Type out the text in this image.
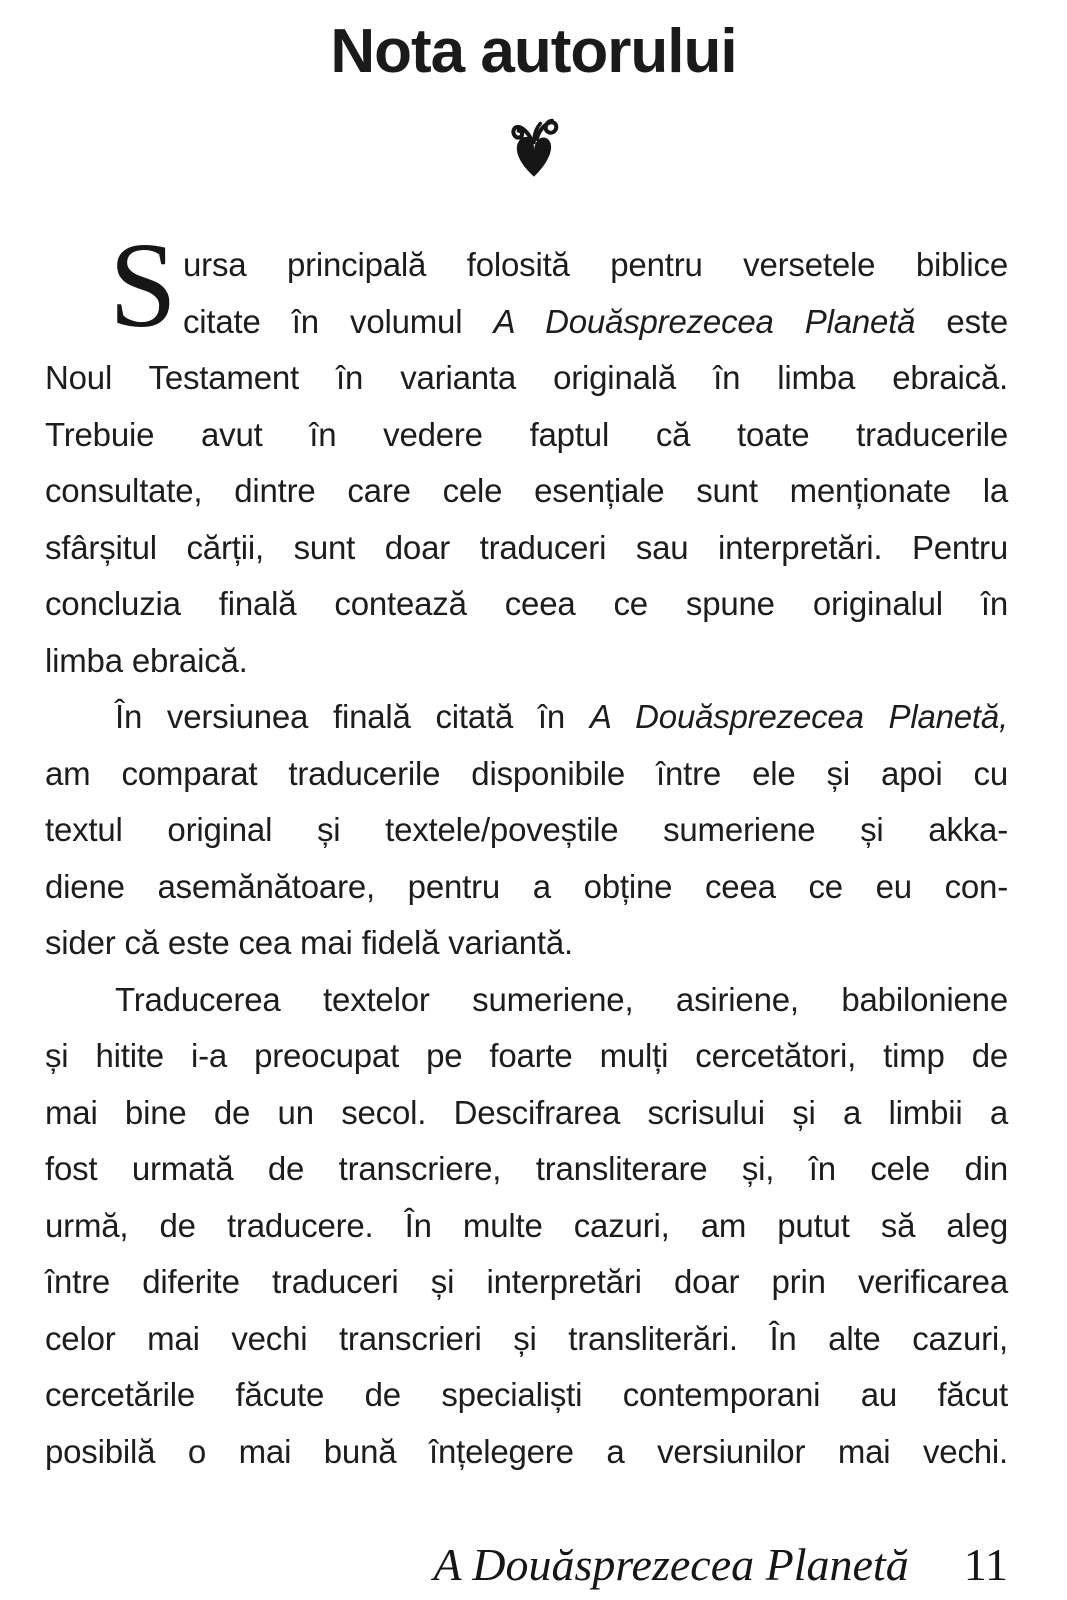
Nota autorului
S ursa principală folosită pentru versetele biblice
citate în volumul A Douăsprezecea Planetă este
Noul Testament în varianta originală în limba ebraică.
Trebuie avut în vedere faptul că toate traducerile
consultate, dintre care cele esențiale sunt menționate la
sfârșitul cărții, sunt doar traduceri sau interpretări. Pentru
concluzia finală contează ceea ce spune originalul în
limba ebraică.
În versiunea finală citată în A Douăsprezecea Planetă,
am comparat traducerile disponibile între ele și apoi cu
textul original și textele/poveștile sumeriene și akka-
diene asemănătoare, pentru a obține ceea ce eu con-
sider că este cea mai fidelă variantă.
Traducerea textelor sumeriene, asiriene, babiloniene
și hitite i-a preocupat pe foarte mulți cercetători, timp de
mai bine de un secol. Descifrarea scrisului și a limbii a
fost urmată de transcriere, transliterare și, în cele din
urmă, de traducere. În multe cazuri, am putut să aleg
între diferite traduceri și interpretări doar prin verificarea
celor mai vechi transcrieri și transliterări. În alte cazuri,
cercetările făcute de specialiști contemporani au făcut
posibilă o mai bună înțelegere a versiunilor mai vechi.
A Douăsprezecea Planetă 11
